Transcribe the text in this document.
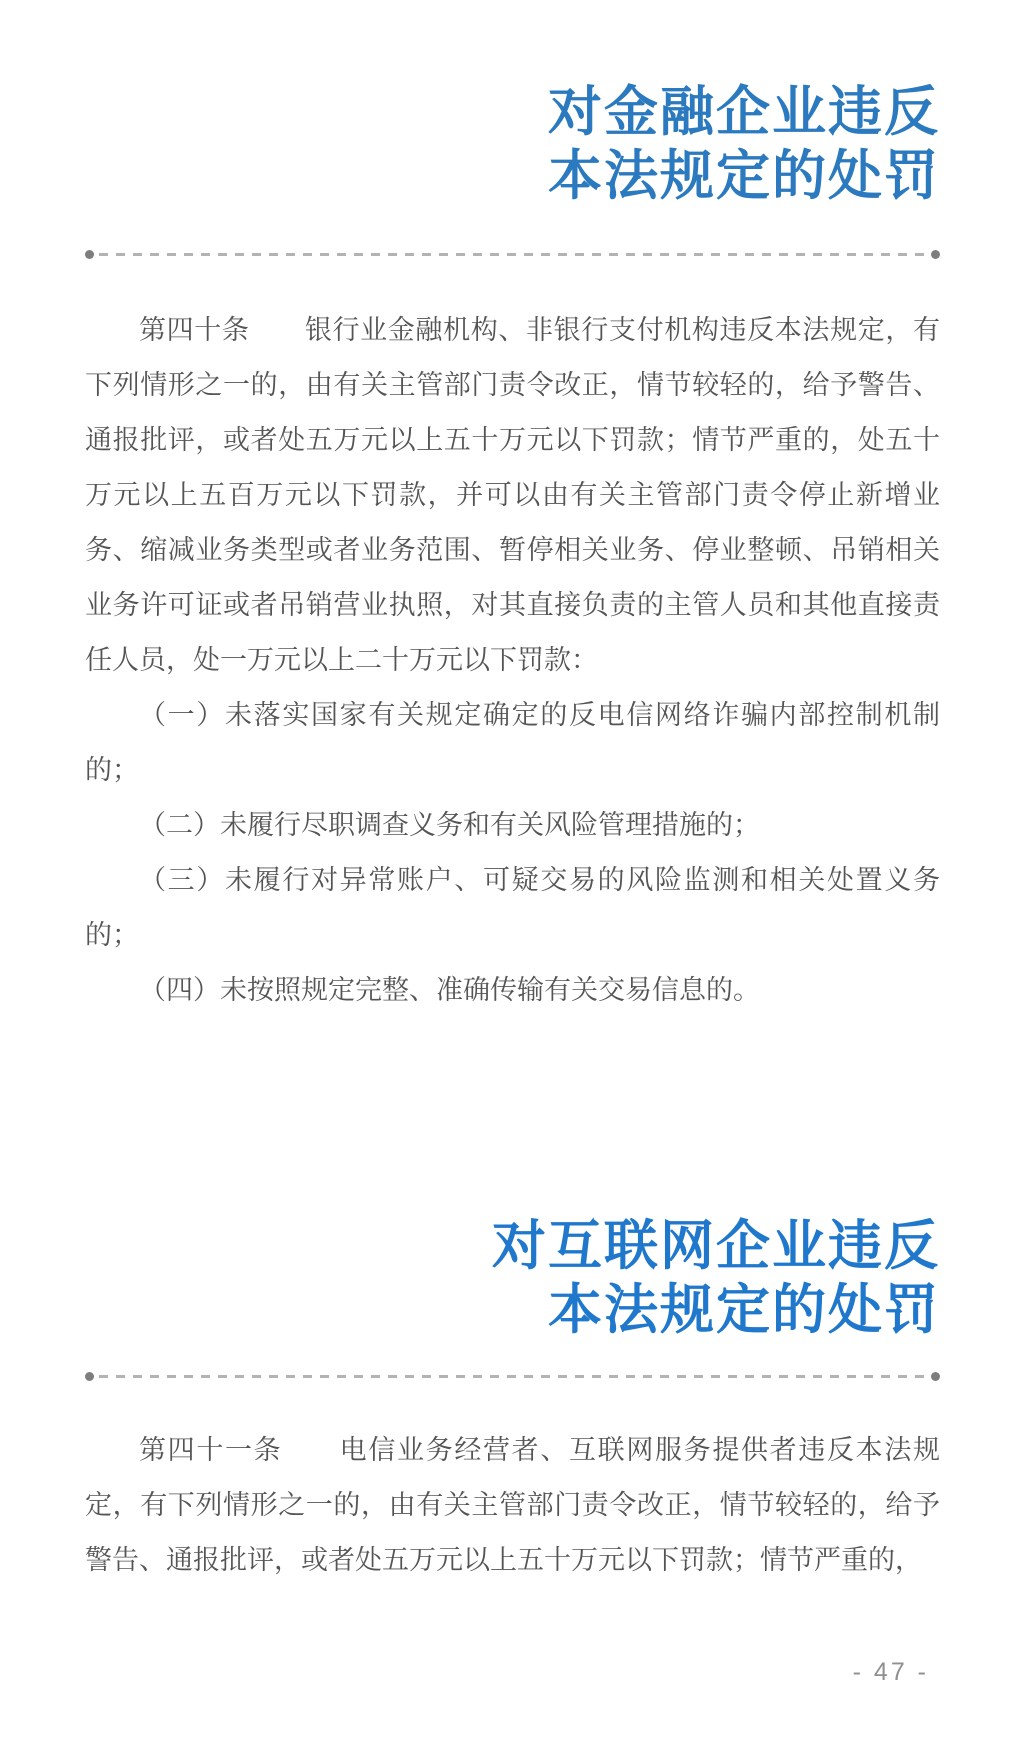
对金融企业违反
本法规定的处罚

第四十条　　银行业金融机构、非银行支付机构违反本法规定，有下列情形之一的，由有关主管部门责令改正，情节较轻的，给予警告、通报批评，或者处五万元以上五十万元以下罚款；情节严重的，处五十万元以上五百万元以下罚款，并可以由有关主管部门责令停止新增业务、缩减业务类型或者业务范围、暂停相关业务、停业整顿、吊销相关业务许可证或者吊销营业执照，对其直接负责的主管人员和其他直接责任人员，处一万元以上二十万元以下罚款：

（一）未落实国家有关规定确定的反电信网络诈骗内部控制机制的；

（二）未履行尽职调查义务和有关风险管理措施的；

（三）未履行对异常账户、可疑交易的风险监测和相关处置义务的；

（四）未按照规定完整、准确传输有关交易信息的。

对互联网企业违反
本法规定的处罚

第四十一条　　电信业务经营者、互联网服务提供者违反本法规定，有下列情形之一的，由有关主管部门责令改正，情节较轻的，给予警告、通报批评，或者处五万元以上五十万元以下罚款；情节严重的，

- 47 -
